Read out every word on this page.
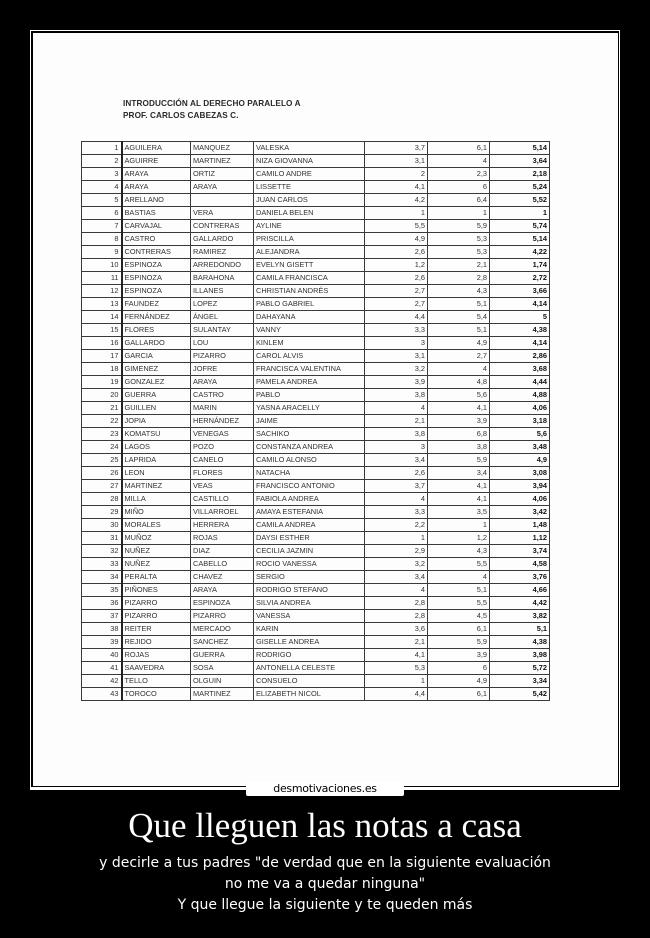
INTRODUCCIÓN AL DERECHO PARALELO A
PROF. CARLOS CABEZAS C.
1	AGUILERA	MANQUEZ	VALESKA	3,7	6,1	5,14
2	AGUIRRE	MARTINEZ	NIZA GIOVANNA	3,1	4	3,64
3	ARAYA	ORTIZ	CAMILO ANDRE	2	2,3	2,18
4	ARAYA	ARAYA	LISSETTE	4,1	6	5,24
5	ARELLANO		JUAN CARLOS	4,2	6,4	5,52
6	BASTIAS	VERA	DANIELA BELEN	1	1	1
7	CARVAJAL	CONTRERAS	AYLINE	5,5	5,9	5,74
8	CASTRO	GALLARDO	PRISCILLA	4,9	5,3	5,14
9	CONTRERAS	RAMIREZ	ALEJANDRA	2,6	5,3	4,22
10	ESPINOZA	ARREDONDO	EVELYN GISETT	1,2	2,1	1,74
11	ESPINOZA	BARAHONA	CAMILA FRANCISCA	2,6	2,8	2,72
12	ESPINOZA	ILLANES	CHRISTIAN ANDRÉS	2,7	4,3	3,66
13	FAUNDEZ	LOPEZ	PABLO GABRIEL	2,7	5,1	4,14
14	FERNÁNDEZ	ÁNGEL	DAHAYANA	4,4	5,4	5
15	FLORES	SULANTAY	VANNY	3,3	5,1	4,38
16	GALLARDO	LOU	KINLEM	3	4,9	4,14
17	GARCIA	PIZARRO	CAROL ALVIS	3,1	2,7	2,86
18	GIMENEZ	JOFRE	FRANCISCA VALENTINA	3,2	4	3,68
19	GONZALEZ	ARAYA	PAMELA ANDREA	3,9	4,8	4,44
20	GUERRA	CASTRO	PABLO	3,8	5,6	4,88
21	GUILLEN	MARIN	YASNA ARACELLY	4	4,1	4,06
22	JOPIA	HERNÁNDEZ	JAIME	2,1	3,9	3,18
23	KOMATSU	VENEGAS	SACHIKO	3,8	6,8	5,6
24	LAGOS	POZO	CONSTANZA ANDREA	3	3,8	3,48
25	LAPRIDA	CANELO	CAMILO ALONSO	3,4	5,9	4,9
26	LEON	FLORES	NATACHA	2,6	3,4	3,08
27	MARTINEZ	VEAS	FRANCISCO ANTONIO	3,7	4,1	3,94
28	MILLA	CASTILLO	FABIOLA ANDREA	4	4,1	4,06
29	MIÑO	VILLARROEL	AMAYA ESTEFANIA	3,3	3,5	3,42
30	MORALES	HERRERA	CAMILA ANDREA	2,2	1	1,48
31	MUÑOZ	ROJAS	DAYSI ESTHER	1	1,2	1,12
32	NUÑEZ	DIAZ	CECILIA JAZMIN	2,9	4,3	3,74
33	NUÑEZ	CABELLO	ROCIO VANESSA	3,2	5,5	4,58
34	PERALTA	CHAVEZ	SERGIO	3,4	4	3,76
35	PIÑONES	ARAYA	RODRIGO STEFANO	4	5,1	4,66
36	PIZARRO	ESPINOZA	SILVIA ANDREA	2,8	5,5	4,42
37	PIZARRO	PIZARRO	VANESSA	2,8	4,5	3,82
38	REITER	MERCADO	KARIN	3,6	6,1	5,1
39	REJIDO	SANCHEZ	GISELLE ANDREA	2,1	5,9	4,38
40	ROJAS	GUERRA	RODRIGO	4,1	3,9	3,98
41	SAAVEDRA	SOSA	ANTONELLA CELESTE	5,3	6	5,72
42	TELLO	OLGUIN	CONSUELO	1	4,9	3,34
43	TOROCO	MARTINEZ	ELIZABETH NICOL	4,4	6,1	5,42
desmotivaciones.es
Que lleguen las notas a casa
y decirle a tus padres "de verdad que en la siguiente evaluación
no me va a quedar ninguna"
Y que llegue la siguiente y te queden más
